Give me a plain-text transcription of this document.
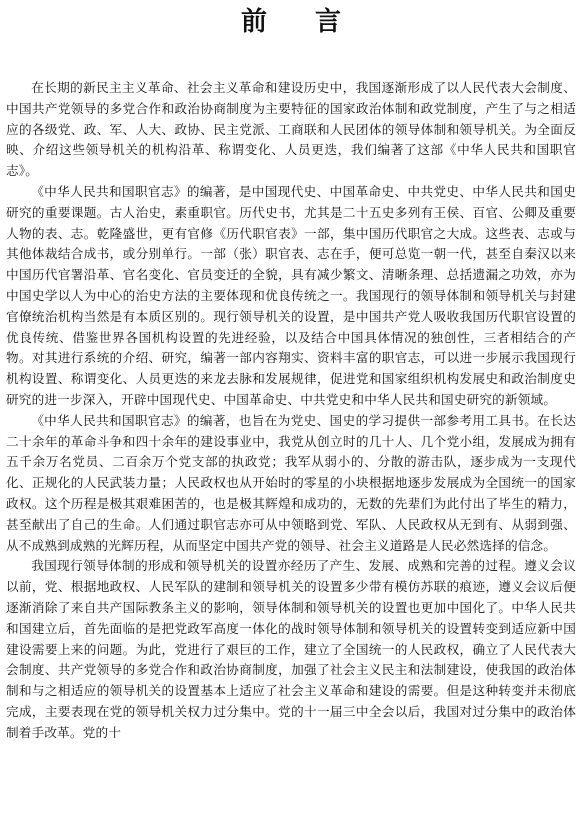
前言

在长期的新民主主义革命、社会主义革命和建设历史中，我国逐渐形成了以人民代表大会制度、中国共产党领导的多党合作和政治协商制度为主要特征的国家政治体制和政党制度，产生了与之相适应的各级党、政、军、人大、政协、民主党派、工商联和人民团体的领导体制和领导机关。为全面反映、介绍这些领导机关的机构沿革、称谓变化、人员更迭，我们编著了这部《中华人民共和国职官志》。

《中华人民共和国职官志》的编著，是中国现代史、中国革命史、中共党史、中华人民共和国史研究的重要课题。古人治史，素重职官。历代史书，尤其是二十五史多列有王侯、百官、公卿及重要人物的表、志。乾隆盛世，更有官修《历代职官表》一部，集中国历代职官之大成。这些表、志或与其他体裁结合成书，或分别单行。一部（张）职官表、志在手，便可总览一朝一代，甚至自秦汉以来中国历代官署沿革、官名变化、官员变迁的全貌，具有减少繁文、清晰条理、总括遗漏之功效，亦为中国史学以人为中心的治史方法的主要体现和优良传统之一。我国现行的领导体制和领导机关与封建官僚统治机构当然是有本质区别的。现行领导机关的设置，是中国共产党人吸收我国历代职官设置的优良传统、借鉴世界各国机构设置的先进经验，以及结合中国具体情况的独创性，三者相结合的产物。对其进行系统的介绍、研究，编著一部内容翔实、资料丰富的职官志，可以进一步展示我国现行机构设置、称谓变化、人员更迭的来龙去脉和发展规律，促进党和国家组织机构发展史和政治制度史研究的进一步深入，开辟中国现代史、中国革命史、中共党史和中华人民共和国史研究的新领域。

《中华人民共和国职官志》的编著，也旨在为党史、国史的学习提供一部参考用工具书。在长达二十余年的革命斗争和四十余年的建设事业中，我党从创立时的几十人、几个党小组，发展成为拥有五千余万名党员、二百余万个党支部的执政党；我军从弱小的、分散的游击队，逐步成为一支现代化、正规化的人民武装力量；人民政权也从开始时的零星的小块根据地逐步发展成为全国统一的国家政权。这个历程是极其艰难困苦的，也是极其辉煌和成功的，无数的先辈们为此付出了毕生的精力，甚至献出了自己的生命。人们通过职官志亦可从中领略到党、军队、人民政权从无到有、从弱到强、从不成熟到成熟的光辉历程，从而坚定中国共产党的领导、社会主义道路是人民必然选择的信念。

我国现行领导体制的形成和领导机关的设置亦经历了产生、发展、成熟和完善的过程。遵义会议以前，党、根据地政权、人民军队的建制和领导机关的设置多少带有模仿苏联的痕迹，遵义会议后便逐渐消除了来自共产国际教条主义的影响，领导体制和领导机关的设置也更加中国化了。中华人民共和国建立后，首先面临的是把党政军高度一体化的战时领导体制和领导机关的设置转变到适应新中国建设需要上来的问题。为此，党进行了艰巨的工作，建立了全国统一的人民政权，确立了人民代表大会制度、共产党领导的多党合作和政治协商制度，加强了社会主义民主和法制建设，使我国的政治体制和与之相适应的领导机关的设置基本上适应了社会主义革命和建设的需要。但是这种转变并未彻底完成，主要表现在党的领导机关权力过分集中。党的十一届三中全会以后，我国对过分集中的政治体制着手改革。党的十
